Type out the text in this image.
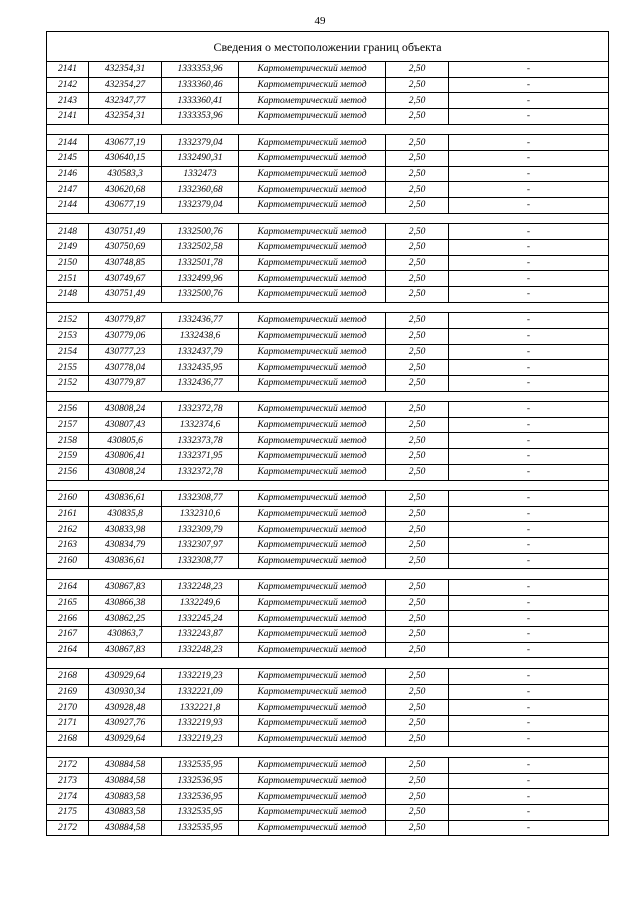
49
Сведения о местоположении границ объекта					
2141	432354,31	1333353,96	Картометрический метод	2,50	-
2142	432354,27	1333360,46	Картометрический метод	2,50	-
2143	432347,77	1333360,41	Картометрический метод	2,50	-
2141	432354,31	1333353,96	Картометрический метод	2,50	-

2144	430677,19	1332379,04	Картометрический метод	2,50	-
2145	430640,15	1332490,31	Картометрический метод	2,50	-
2146	430583,3	1332473	Картометрический метод	2,50	-
2147	430620,68	1332360,68	Картометрический метод	2,50	-
2144	430677,19	1332379,04	Картометрический метод	2,50	-

2148	430751,49	1332500,76	Картометрический метод	2,50	-
2149	430750,69	1332502,58	Картометрический метод	2,50	-
2150	430748,85	1332501,78	Картометрический метод	2,50	-
2151	430749,67	1332499,96	Картометрический метод	2,50	-
2148	430751,49	1332500,76	Картометрический метод	2,50	-

2152	430779,87	1332436,77	Картометрический метод	2,50	-
2153	430779,06	1332438,6	Картометрический метод	2,50	-
2154	430777,23	1332437,79	Картометрический метод	2,50	-
2155	430778,04	1332435,95	Картометрический метод	2,50	-
2152	430779,87	1332436,77	Картометрический метод	2,50	-

2156	430808,24	1332372,78	Картометрический метод	2,50	-
2157	430807,43	1332374,6	Картометрический метод	2,50	-
2158	430805,6	1332373,78	Картометрический метод	2,50	-
2159	430806,41	1332371,95	Картометрический метод	2,50	-
2156	430808,24	1332372,78	Картометрический метод	2,50	-

2160	430836,61	1332308,77	Картометрический метод	2,50	-
2161	430835,8	1332310,6	Картометрический метод	2,50	-
2162	430833,98	1332309,79	Картометрический метод	2,50	-
2163	430834,79	1332307,97	Картометрический метод	2,50	-
2160	430836,61	1332308,77	Картометрический метод	2,50	-

2164	430867,83	1332248,23	Картометрический метод	2,50	-
2165	430866,38	1332249,6	Картометрический метод	2,50	-
2166	430862,25	1332245,24	Картометрический метод	2,50	-
2167	430863,7	1332243,87	Картометрический метод	2,50	-
2164	430867,83	1332248,23	Картометрический метод	2,50	-

2168	430929,64	1332219,23	Картометрический метод	2,50	-
2169	430930,34	1332221,09	Картометрический метод	2,50	-
2170	430928,48	1332221,8	Картометрический метод	2,50	-
2171	430927,76	1332219,93	Картометрический метод	2,50	-
2168	430929,64	1332219,23	Картометрический метод	2,50	-

2172	430884,58	1332535,95	Картометрический метод	2,50	-
2173	430884,58	1332536,95	Картометрический метод	2,50	-
2174	430883,58	1332536,95	Картометрический метод	2,50	-
2175	430883,58	1332535,95	Картометрический метод	2,50	-
2172	430884,58	1332535,95	Картометрический метод	2,50	-
